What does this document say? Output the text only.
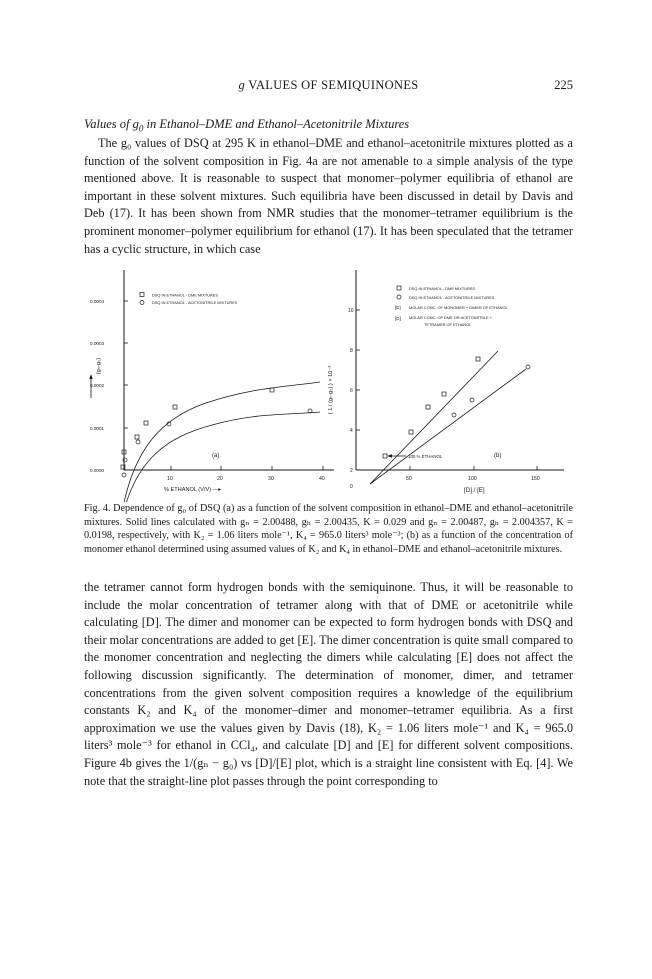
g VALUES OF SEMIQUINONES	225
Values of $g_0$ in Ethanol–DME and Ethanol–Acetonitrile Mixtures

The g₀ values of DSQ at 295 K in ethanol–DME and ethanol–acetonitrile mixtures plotted as a function of the solvent composition in Fig. 4a are not amenable to a simple analysis of the type mentioned above. It is reasonable to suspect that monomer–polymer equilibria of ethanol are important in these solvent mixtures. Such equilibria have been discussed in detail by Davis and Deb (17). It has been shown from NMR studies that the monomer–tetramer equilibrium is the prominent monomer–polymer equilibrium for ethanol (17). It has been speculated that the tetramer has a cyclic structure, in which case

0.0000
0.0001
0.0002
0.0003
0.0004
10	20	30	40
% ETHANOL (V/V) —▸
(gₙ-g₀)
(a)
DSQ IN ETHANOL - DME MIXTURES
DSQ IN ETHANOL - ACETONITRILE MIXTURES
10
8
6
4
2
0
50	100	150
[D] / [E]
( 1 / (gₙ-g₀) ) × 10⁻³
(b)
DSQ IN ETHANOL - DME MIXTURES
DSQ IN ETHANOL - ACETONITRILE MIXTURES
[E] MOLAR CONC. OF MONOMER + DIMER OF ETHANOL
[D] MOLAR CONC. OF DME OR ACETONITRILE +
TETRAMER OF ETHANOL
100 % ETHANOL

Fig. 4. Dependence of g₀ of DSQ (a) as a function of the solvent composition in ethanol–DME and ethanol–acetonitrile mixtures. Solid lines calculated with gₙ = 2.00488, gₕ = 2.00435, K = 0.029 and gₙ = 2.00487, gₕ = 2.004357, K = 0.0198, respectively, with K₂ = 1.06 liters mole⁻¹, K₄ = 965.0 liters³ mole⁻³; (b) as a function of the concentration of monomer ethanol determined using assumed values of K₂ and K₄ in ethanol–DME and ethanol–acetonitrile mixtures.

the tetramer cannot form hydrogen bonds with the semiquinone. Thus, it will be reasonable to include the molar concentration of tetramer along with that of DME or acetonitrile while calculating [D]. The dimer and monomer can be expected to form hydrogen bonds with DSQ and their molar concentrations are added to get [E]. The dimer concentration is quite small compared to the monomer concentration and neglecting the dimers while calculating [E] does not affect the following discussion significantly. The determination of monomer, dimer, and tetramer concentrations from the given solvent composition requires a knowledge of the equilibrium constants K₂ and K₄ of the monomer–dimer and monomer–tetramer equilibria. As a first approximation we use the values given by Davis (18), K₂ = 1.06 liters mole⁻¹ and K₄ = 965.0 liters³ mole⁻³ for ethanol in CCl₄, and calculate [D] and [E] for different solvent compositions. Figure 4b gives the 1/(gₙ − g₀) vs [D]/[E] plot, which is a straight line consistent with Eq. [4]. We note that the straight-line plot passes through the point corresponding to
